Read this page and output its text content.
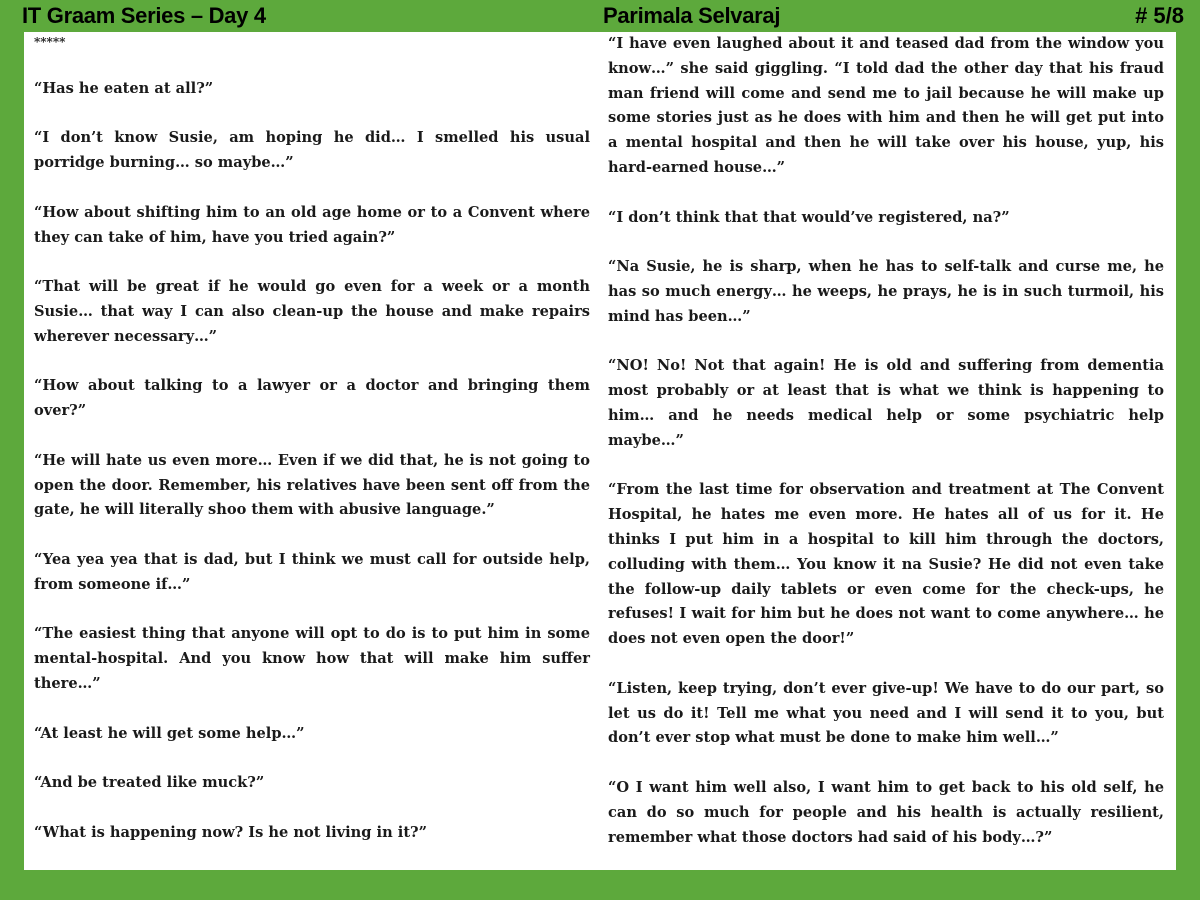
IT Graam Series – Day 4	Parimala Selvaraj	# 5/8

*****

“Has he eaten at all?”

“I don’t know Susie, am hoping he did… I smelled his usual porridge burning… so maybe…”

“How about shifting him to an old age home or to a Convent where
they can take of him, have you tried again?”

“That will be great if he would go even for a week or a month Susie… that way I can also clean-up the house and make repairs wherever necessary…”

“How about talking to a lawyer or a doctor and bringing them over?”

“He will hate us even more… Even if we did that, he is not going to open the door. Remember, his relatives have been sent off from the gate, he will literally shoo them with abusive language.”

“Yea yea yea that is dad, but I think we must call for outside help, from someone if…”

“The easiest thing that anyone will opt to do is to put him in some mental-hospital. And you know how that will make him suffer there…”

“At least he will get some help…”

“And be treated like muck?”

“What is happening now? Is he not living in it?”

“I have even laughed about it and teased dad from the window you know…” she said giggling. “I told dad the other day that his fraud man friend will come and send me to jail because he will make up some stories just as he does with him and then he will get put into a mental hospital and then he will take over his house, yup, his hard-earned house…”

“I don’t think that that would’ve registered, na?”

“Na Susie, he is sharp, when he has to self-talk and curse me, he has so much energy… he weeps, he prays, he is in such turmoil, his mind has been…”

“NO! No! Not that again! He is old and suffering from dementia most probably or at least that is what we think is happening to him… and he needs medical help or some psychiatric help maybe…”

“From the last time for observation and treatment at The Convent Hospital, he hates me even more. He hates all of us for it. He thinks I put him in a hospital to kill him through the doctors, colluding with them… You know it na Susie? He did not even take the follow-up daily tablets or even come for the check-ups, he refuses! I wait for him but he does not want to come anywhere… he does not even open the door!”

“Listen, keep trying, don’t ever give-up! We have to do our part, so let us do it! Tell me what you need and I will send it to you, but don’t ever stop what must be done to make him well…”

“O I want him well also, I want him to get back to his old self, he can do so much for people and his health is actually resilient, remember what those doctors had said of his body…?”
